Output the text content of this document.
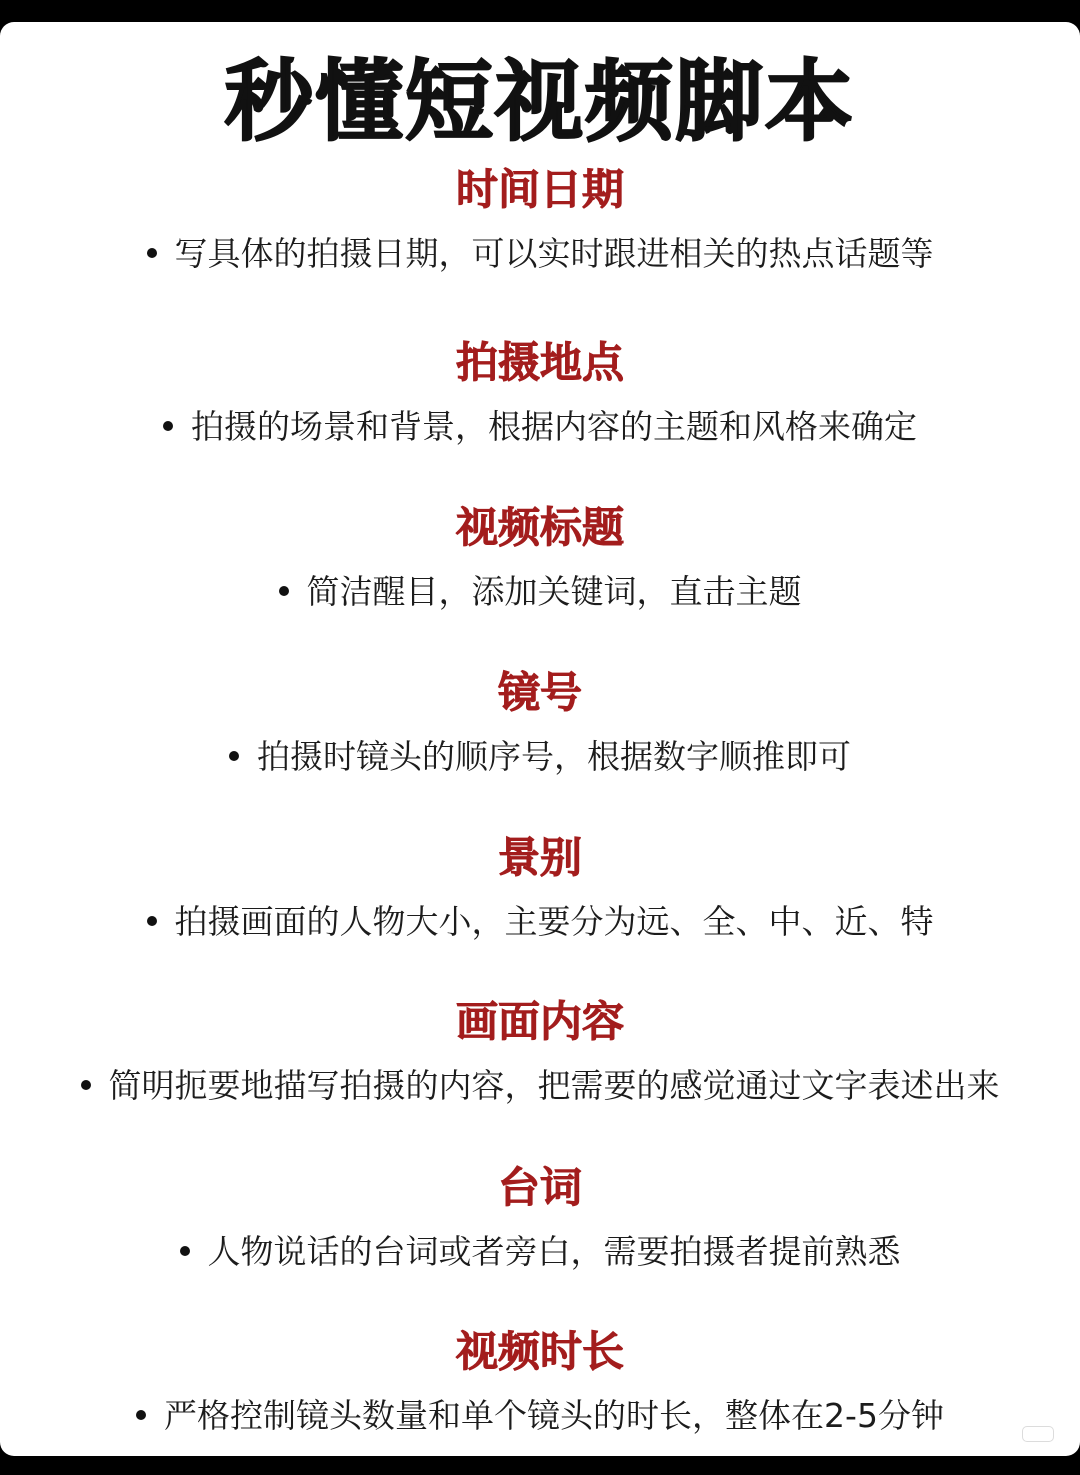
秒懂短视频脚本
时间日期
写具体的拍摄日期，可以实时跟进相关的热点话题等
拍摄地点
拍摄的场景和背景，根据内容的主题和风格来确定
视频标题
简洁醒目，添加关键词，直击主题
镜号
拍摄时镜头的顺序号，根据数字顺推即可
景别
拍摄画面的人物大小，主要分为远、全、中、近、特
画面内容
简明扼要地描写拍摄的内容，把需要的感觉通过文字表述出来
台词
人物说话的台词或者旁白，需要拍摄者提前熟悉
视频时长
严格控制镜头数量和单个镜头的时长，整体在2-5分钟
